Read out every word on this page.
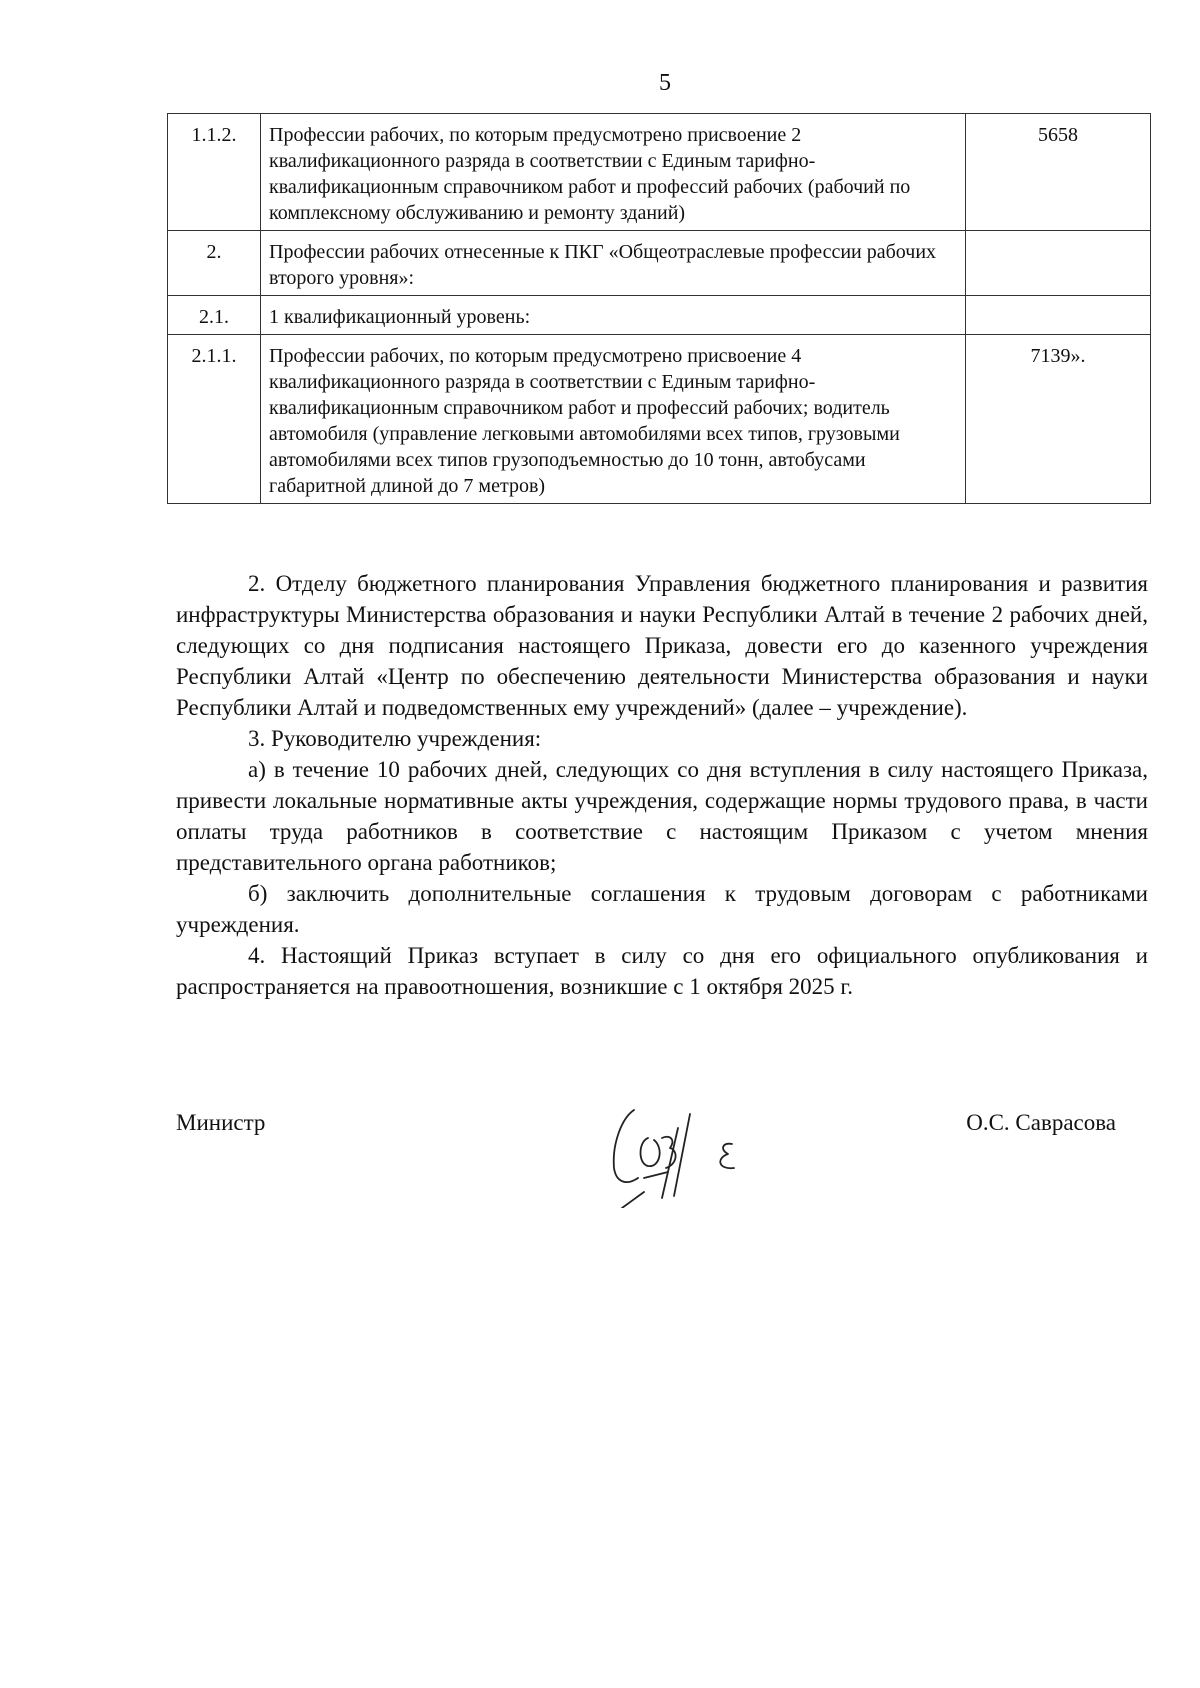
5
1.1.2.	Профессии рабочих, по которым предусмотрено присвоение 2 квалификационного разряда в соответствии с Единым тарифно-квалификационным справочником работ и профессий рабочих (рабочий по комплексному обслуживанию и ремонту зданий)	5658
2.	Профессии рабочих отнесенные к ПКГ «Общеотраслевые профессии рабочих второго уровня»:	
2.1.	1 квалификационный уровень:	
2.1.1.	Профессии рабочих, по которым предусмотрено присвоение 4 квалификационного разряда в соответствии с Единым тарифно-квалификационным справочником работ и профессий рабочих; водитель автомобиля (управление легковыми автомобилями всех типов, грузовыми автомобилями всех типов грузоподъемностью до 10 тонн, автобусами габаритной длиной до 7 метров)	7139».

2. Отделу бюджетного планирования Управления бюджетного планирования и развития инфраструктуры Министерства образования и науки Республики Алтай в течение 2 рабочих дней, следующих со дня подписания настоящего Приказа, довести его до казенного учреждения Республики Алтай «Центр по обеспечению деятельности Министерства образования и науки Республики Алтай и подведомственных ему учреждений» (далее – учреждение).

3. Руководителю учреждения:

а) в течение 10 рабочих дней, следующих со дня вступления в силу настоящего Приказа, привести локальные нормативные акты учреждения, содержащие нормы трудового права, в части оплаты труда работников в соответствие с настоящим Приказом с учетом мнения представительного органа работников;

б) заключить дополнительные соглашения к трудовым договорам с работниками учреждения.

4. Настоящий Приказ вступает в силу со дня его официального опубликования и распространяется на правоотношения, возникшие с 1 октября 2025 г.

Министр	О.С. Саврасова
